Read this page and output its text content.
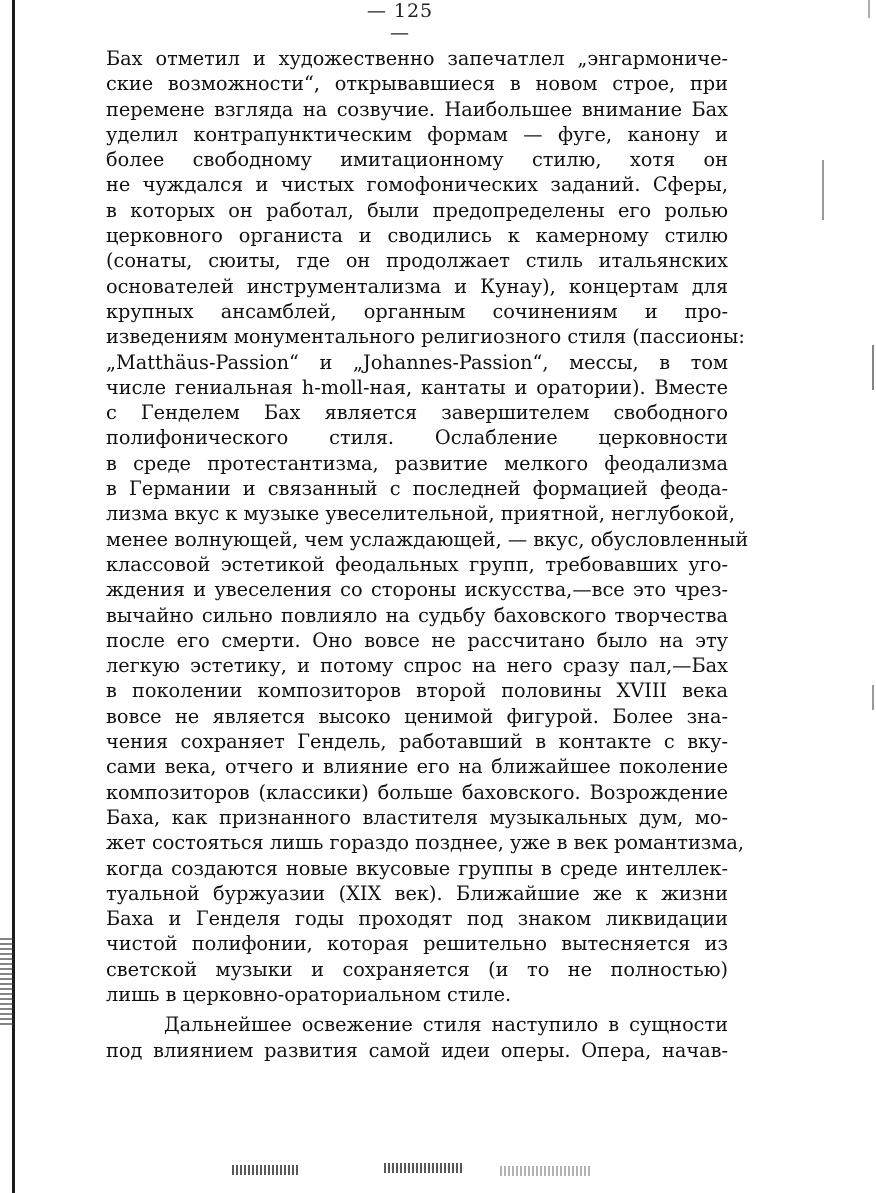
— 125 —
Бах отметил и художественно запечатлел „энгармониче-
ские возможности“, открывавшиеся в новом строе, при
перемене взгляда на созвучие. Наибольшее внимание Бах
уделил контрапунктическим формам — фуге, канону и
более свободному имитационному стилю, хотя он
не чуждался и чистых гомофонических заданий. Сферы,
в которых он работал, были предопределены его ролью
церковного органиста и сводились к камерному стилю
(сонаты, сюиты, где он продолжает стиль итальянских
основателей инструментализма и Кунау), концертам для
крупных ансамблей, органным сочинениям и про-
изведениям монументального религиозного стиля (пассионы:
„Matthäus-Passion“ и „Johannes-Passion“, мессы, в том
числе гениальная h-moll-ная, кантаты и оратории). Вместе
с Генделем Бах является завершителем свободного
полифонического стиля. Ослабление церковности
в среде протестантизма, развитие мелкого феодализма
в Германии и связанный с последней формацией феода-
лизма вкус к музыке увеселительной, приятной, неглубокой,
менее волнующей, чем услаждающей, — вкус, обусловленный
классовой эстетикой феодальных групп, требовавших уго-
ждения и увеселения со стороны искусства,—все это чрез-
вычайно сильно повлияло на судьбу баховского творчества
после его смерти. Оно вовсе не рассчитано было на эту
легкую эстетику, и потому спрос на него сразу пал,—Бах
в поколении композиторов второй половины XVIII века
вовсе не является высоко ценимой фигурой. Более зна-
чения сохраняет Гендель, работавший в контакте с вку-
сами века, отчего и влияние его на ближайшее поколение
композиторов (классики) больше баховского. Возрождение
Баха, как признанного властителя музыкальных дум, мо-
жет состояться лишь гораздо позднее, уже в век романтизма,
когда создаются новые вкусовые группы в среде интеллек-
туальной буржуазии (XIX век). Ближайшие же к жизни
Баха и Генделя годы проходят под знаком ликвидации
чистой полифонии, которая решительно вытесняется из
светской музыки и сохраняется (и то не полностью)
лишь в церковно-ораториальном стиле.
Дальнейшее освежение стиля наступило в сущности
под влиянием развития самой идеи оперы. Опера, начав-
